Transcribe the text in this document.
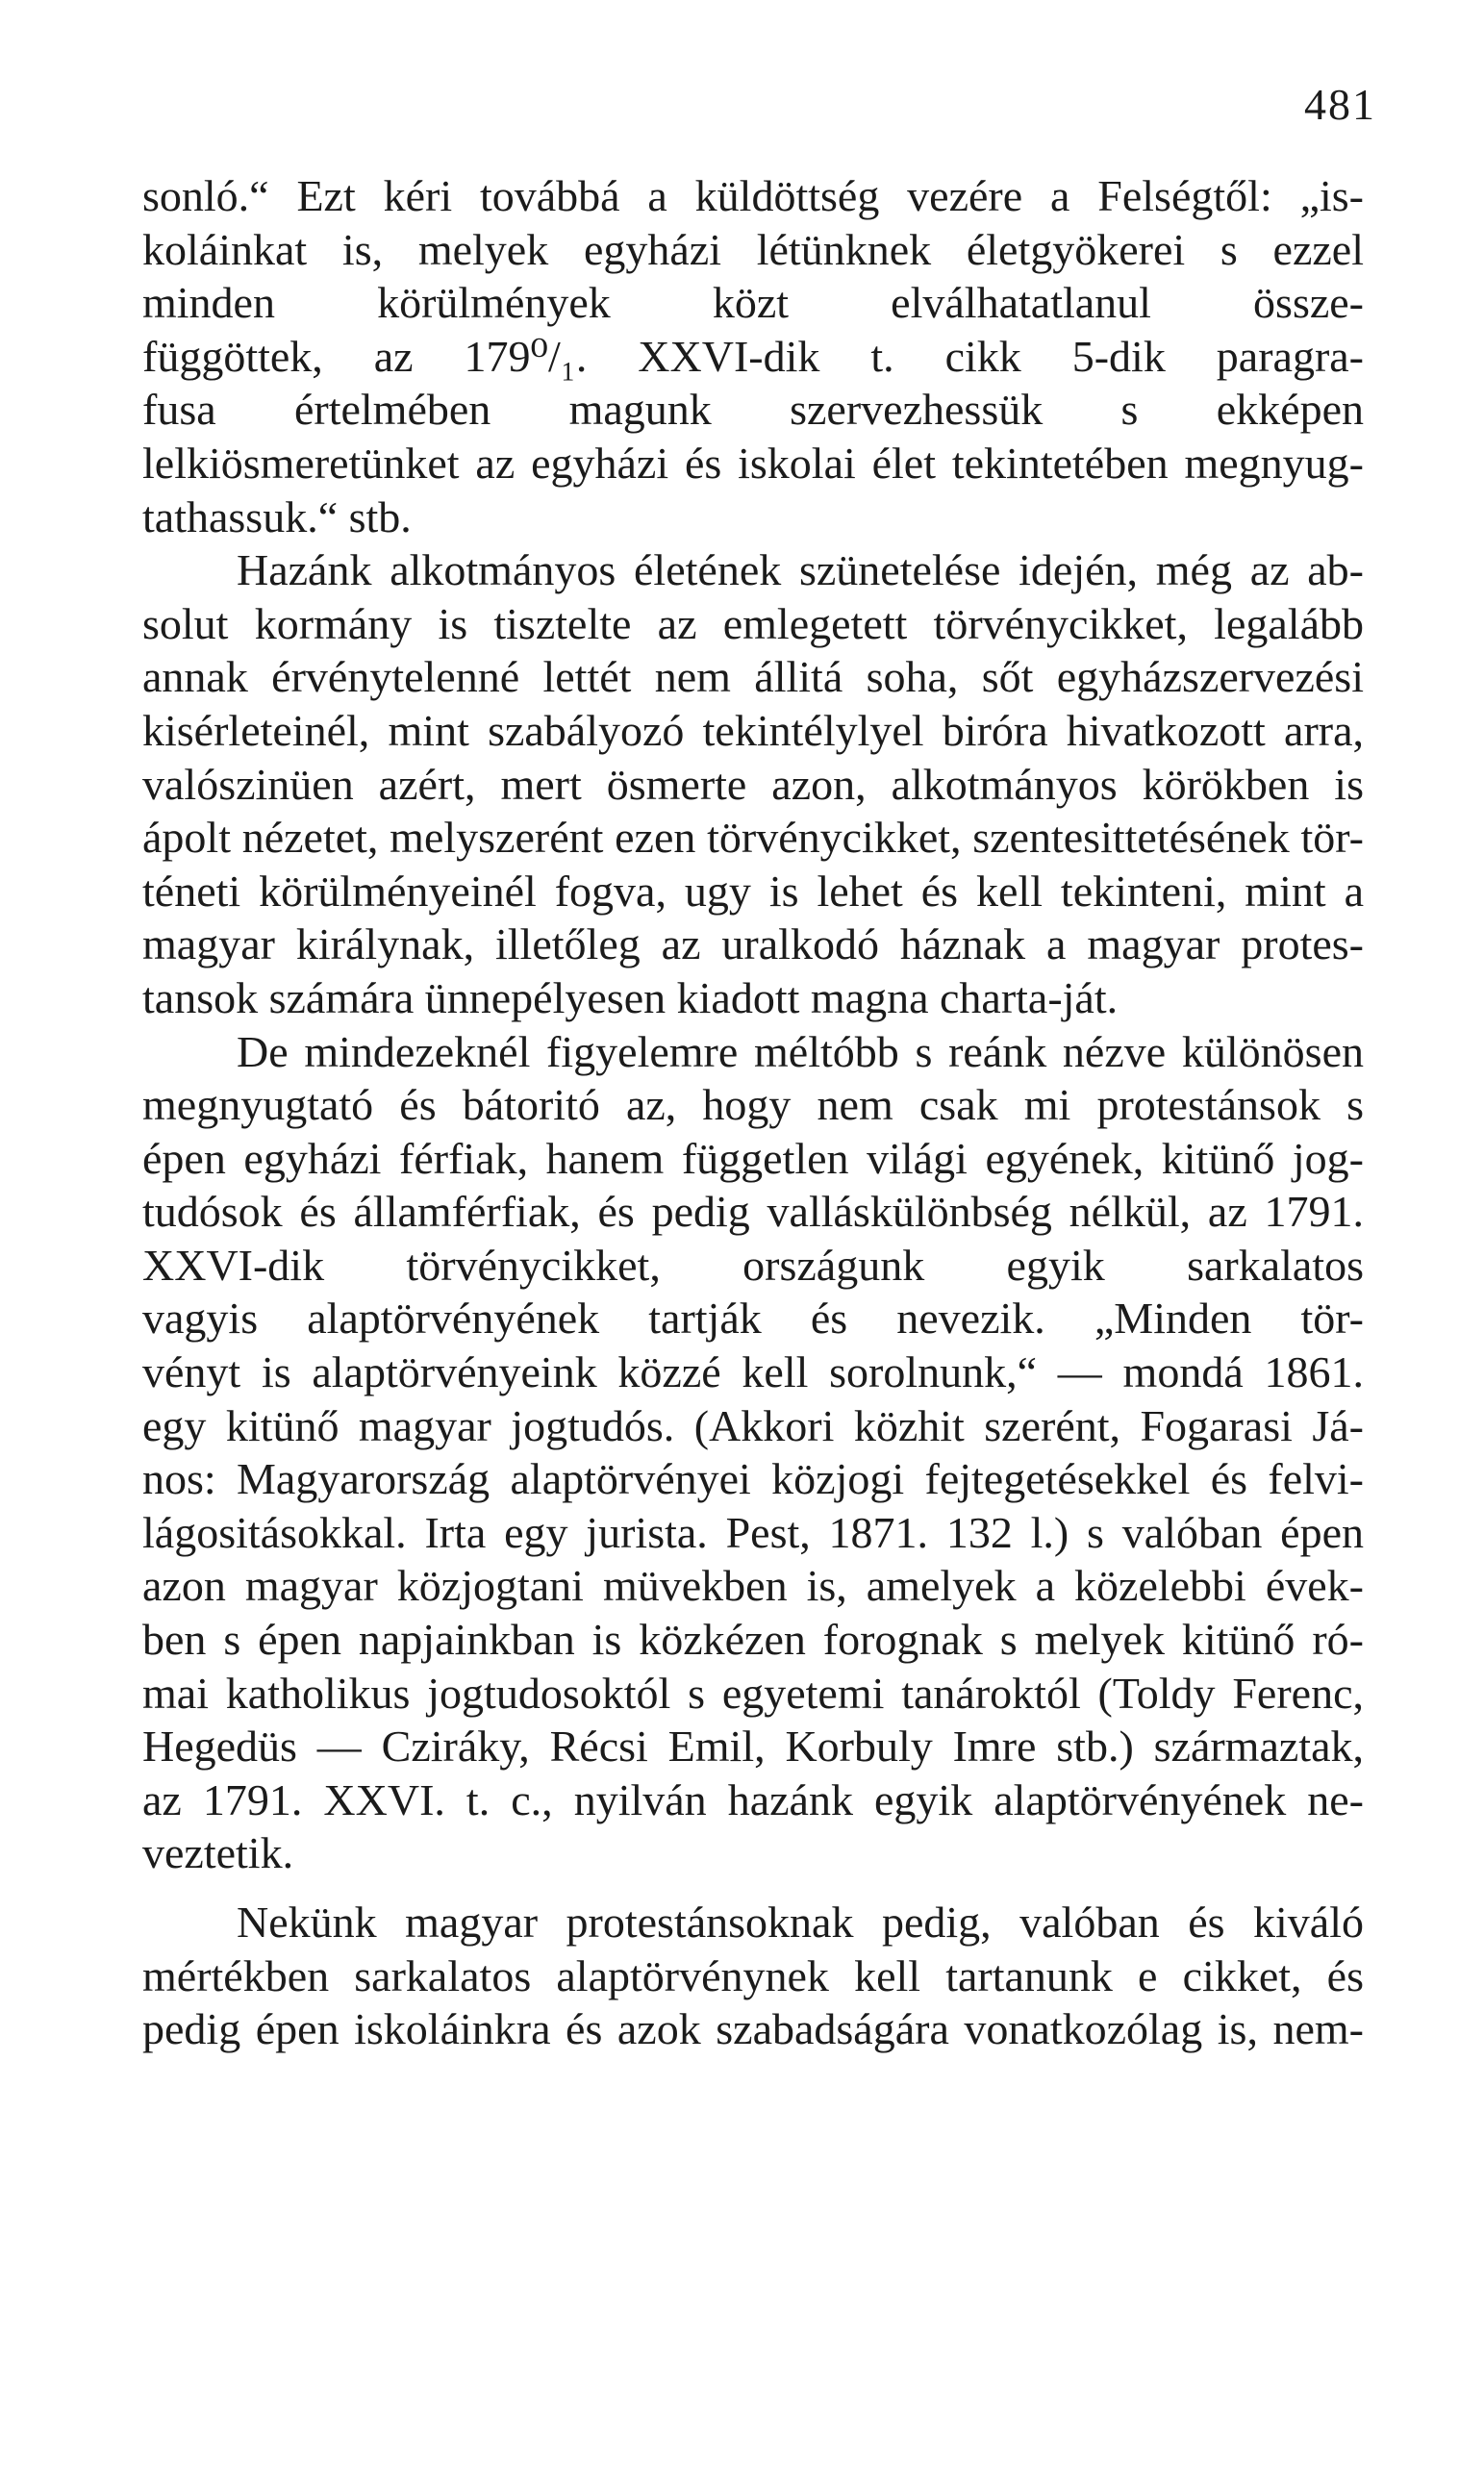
481
sonló.“ Ezt kéri továbbá a küldöttség vezére a Felségtől: „is-
koláinkat is, melyek egyházi létünknek életgyökerei s ezzel
minden körülmények közt elválhatatlanul össze-
függöttek, az 179⁰/₁. XXVI-dik t. cikk 5-dik paragra-
fusa értelmében magunk szervezhessük s ekképen
lelkiösmeretünket az egyházi és iskolai élet tekintetében megnyug-
tathassuk.“ stb.
Hazánk alkotmányos életének szünetelése idején, még az ab-
solut kormány is tisztelte az emlegetett törvénycikket, legalább
annak érvénytelenné lettét nem állitá soha, sőt egyházszervezési
kisérleteinél, mint szabályozó tekintélylyel biróra hivatkozott arra,
valószinüen azért, mert ösmerte azon, alkotmányos körökben is
ápolt nézetet, melyszerént ezen törvénycikket, szentesittetésének tör-
téneti körülményeinél fogva, ugy is lehet és kell tekinteni, mint a
magyar királynak, illetőleg az uralkodó háznak a magyar protes-
tansok számára ünnepélyesen kiadott magna charta-ját.
De mindezeknél figyelemre méltóbb s reánk nézve különösen
megnyugtató és bátoritó az, hogy nem csak mi protestánsok s
épen egyházi férfiak, hanem független világi egyének, kitünő jog-
tudósok és államférfiak, és pedig valláskülönbség nélkül, az 1791.
XXVI-dik törvénycikket, országunk egyik sarkalatos
vagyis alaptörvényének tartják és nevezik. „Minden tör-
vényt is alaptörvényeink közzé kell sorolnunk,“ — mondá 1861.
egy kitünő magyar jogtudós. (Akkori közhit szerént, Fogarasi Já-
nos: Magyarország alaptörvényei közjogi fejtegetésekkel és felvi-
lágositásokkal. Irta egy jurista. Pest, 1871. 132 l.) s valóban épen
azon magyar közjogtani müvekben is, amelyek a közelebbi évek-
ben s épen napjainkban is közkézen forognak s melyek kitünő ró-
mai katholikus jogtudosoktól s egyetemi tanároktól (Toldy Ferenc,
Hegedüs — Cziráky, Récsi Emil, Korbuly Imre stb.) származtak,
az 1791. XXVI. t. c., nyilván hazánk egyik alaptörvényének ne-
veztetik.
Nekünk magyar protestánsoknak pedig, valóban és kiváló
mértékben sarkalatos alaptörvénynek kell tartanunk e cikket, és
pedig épen iskoláinkra és azok szabadságára vonatkozólag is, nem-
